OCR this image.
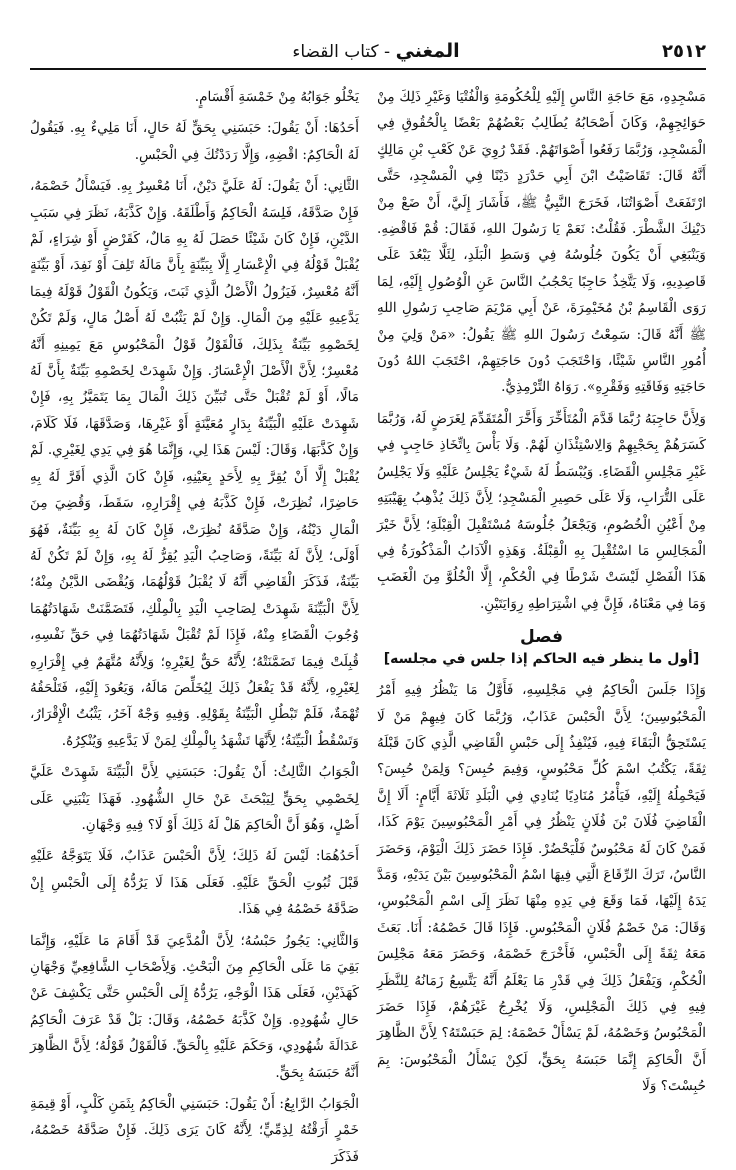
المغني - كتاب القضاء	٢٥١٢

مَسْجِدِهِ، مَعَ حَاجَةِ النَّاسِ إِلَيْهِ لِلْحُكُومَةِ وَالْفُتْيَا وَغَيْرِ ذَلِكَ مِنْ حَوَائِجِهِمْ، وَكَانَ أَصْحَابُهُ يُطَالِبُ بَعْضُهُمْ بَعْضًا بِالْحُقُوقِ فِي الْمَسْجِدِ، وَرُبَّمَا رَفَعُوا أَصْوَاتَهُمْ. فَقَدْ رُوِيَ عَنْ كَعْبِ بْنِ مَالِكٍ أَنَّهُ قَالَ: تَقَاضَيْتُ ابْنَ أَبِي حَدْرَدٍ دَيْنًا فِي الْمَسْجِدِ، حَتَّى ارْتَفَعَتْ أَصْوَاتُنَا، فَخَرَجَ النَّبِيُّ ﷺ، فَأَشَارَ إِلَيَّ، أَنْ ضَعْ مِنْ دَيْنِكَ الشَّطْرَ. فَقُلْتُ: نَعَمْ يَا رَسُولَ اللهِ، فَقَالَ: قُمْ فَاقْضِهِ. وَيَنْبَغِي أَنْ يَكُونَ جُلُوسُهُ فِي وَسَطِ الْبَلَدِ، لِئَلَّا يَبْعُدَ عَلَى قَاصِدِيهِ، وَلَا يَتَّخِذُ حَاجِبًا يَحْجُبُ النَّاسَ عَنِ الْوُصُولِ إِلَيْهِ، لِمَا رَوَى الْقَاسِمُ بْنُ مُخَيْمِرَةَ، عَنْ أَبِي مَرْيَمَ صَاحِبِ رَسُولِ اللهِ ﷺ أَنَّهُ قَالَ: سَمِعْتُ رَسُولَ اللهِ ﷺ يَقُولُ: «مَنْ وَلِيَ مِنْ أُمُورِ النَّاسِ شَيْئًا، وَاحْتَجَبَ دُونَ حَاجَتِهِمْ، احْتَجَبَ اللهُ دُونَ حَاجَتِهِ وَفَاقَتِهِ وَفَقْرِهِ». رَوَاهُ التِّرْمِذِيُّ.

وَلِأَنَّ حَاجِبَهُ رُبَّمَا قَدَّمَ الْمُتَأَخِّرَ وَأَخَّرَ الْمُتَقَدِّمَ لِغَرَضٍ لَهُ، وَرُبَّمَا كَسَرَهُمْ بِحَجْبِهِمْ وَالِاسْتِئْذَانِ لَهُمْ. وَلَا بَأْسَ بِاتِّخَاذِ حَاجِبٍ فِي غَيْرِ مَجْلِسِ الْقَضَاءِ. وَيُبْسَطُ لَهُ شَيْءٌ يَجْلِسُ عَلَيْهِ وَلَا يَجْلِسُ عَلَى التُّرَابِ، وَلَا عَلَى حَصِيرِ الْمَسْجِدِ؛ لِأَنَّ ذَلِكَ يُذْهِبُ بِهَيْبَتِهِ مِنْ أَعْيُنِ الْخُصُومِ، وَيَجْعَلُ جُلُوسَهُ مُسْتَقْبِلَ الْقِبْلَةِ؛ لِأَنَّ خَيْرَ الْمَجَالِسِ مَا اسْتُقْبِلَ بِهِ الْقِبْلَةُ. وَهَذِهِ الْآدَابُ الْمَذْكُورَةُ فِي هَذَا الْفَصْلِ لَيْسَتْ شَرْطًا فِي الْحُكْمِ، إِلَّا الْخُلُوَّ مِنَ الْغَضَبِ وَمَا فِي مَعْنَاهُ، فَإِنَّ فِي اشْتِرَاطِهِ رِوَايَتَيْنِ.

فصل
[أول ما ينظر فيه الحاكم إذا جلس في مجلسه]

وَإِذَا جَلَسَ الْحَاكِمُ فِي مَجْلِسِهِ، فَأَوَّلُ مَا يَنْظُرُ فِيهِ أَمْرُ الْمَحْبُوسِينَ؛ لِأَنَّ الْحَبْسَ عَذَابٌ، وَرُبَّمَا كَانَ فِيهِمْ مَنْ لَا يَسْتَحِقُّ الْبَقَاءَ فِيهِ، فَيُنْفِذُ إِلَى حَبْسِ الْقَاضِي الَّذِي كَانَ قَبْلَهُ ثِقَةً، يَكْتُبُ اسْمَ كُلِّ مَحْبُوسٍ، وَفِيمَ حُبِسَ؟ وَلِمَنْ حُبِسَ؟ فَيَحْمِلُهُ إِلَيْهِ، فَيَأْمُرُ مُنَادِيًا يُنَادِي فِي الْبَلَدِ ثَلَاثَةَ أَيَّامٍ: أَلَا إِنَّ الْقَاضِيَ فُلَانَ بْنَ فُلَانٍ يَنْظُرُ فِي أَمْرِ الْمَحْبُوسِينَ يَوْمَ كَذَا، فَمَنْ كَانَ لَهُ مَحْبُوسٌ فَلْيَحْضُرْ. فَإِذَا حَضَرَ ذَلِكَ الْيَوْمَ، وَحَضَرَ النَّاسُ، تَرَكَ الرِّقَاعَ الَّتِي فِيهَا اسْمُ الْمَحْبُوسِينَ بَيْنَ يَدَيْهِ، وَمَدَّ يَدَهُ إِلَيْهَا، فَمَا وَقَعَ فِي يَدِهِ مِنْهَا نَظَرَ إِلَى اسْمِ الْمَحْبُوسِ، وَقَالَ: مَنْ خَصْمُ فُلَانٍ الْمَحْبُوسِ. فَإِذَا قَالَ خَصْمُهُ: أَنَا. بَعَثَ مَعَهُ ثِقَةً إِلَى الْحَبْسِ، فَأَخْرَجَ خَصْمَهُ، وَحَضَرَ مَعَهُ مَجْلِسَ الْحُكْمِ، وَيَفْعَلُ ذَلِكَ فِي قَدْرِ مَا يَعْلَمُ أَنَّهُ يَتَّسِعُ زَمَانُهُ لِلنَّظَرِ فِيهِ فِي ذَلِكَ الْمَجْلِسِ، وَلَا يُخْرِجُ غَيْرَهُمْ، فَإِذَا حَضَرَ الْمَحْبُوسُ وَخَصْمُهُ، لَمْ يَسْأَلْ خَصْمَهُ: لِمَ حَبَسْتَهُ؟ لِأَنَّ الظَّاهِرَ أَنَّ الْحَاكِمَ إِنَّمَا حَبَسَهُ بِحَقٍّ، لَكِنْ يَسْأَلُ الْمَحْبُوسَ: بِمَ حُبِسْتَ؟ وَلَا

يَخْلُو جَوَابُهُ مِنْ خَمْسَةِ أَقْسَامٍ.

أَحَدُهَا: أَنْ يَقُولَ: حَبَسَنِي بِحَقٍّ لَهُ حَالٍ، أَنَا مَلِيءٌ بِهِ. فَيَقُولُ لَهُ الْحَاكِمُ: اقْضِهِ، وَإِلَّا رَدَدْتُكَ فِي الْحَبْسِ.

الثَّانِي: أَنْ يَقُولَ: لَهُ عَلَيَّ دَيْنٌ، أَنَا مُعْسِرٌ بِهِ. فَيَسْأَلُ خَصْمَهُ، فَإِنْ صَدَّقَهُ، فَلِسَهُ الْحَاكِمُ وَأَطْلَقَهُ. وَإِنْ كَذَّبَهُ، نَظَرَ فِي سَبَبِ الدَّيْنِ، فَإِنْ كَانَ شَيْئًا حَصَلَ لَهُ بِهِ مَالٌ، كَقَرْضٍ أَوْ شِرَاءٍ، لَمْ يُقْبَلْ قَوْلُهُ فِي الْإِعْسَارِ إِلَّا بِبَيِّنَةٍ بِأَنَّ مَالَهُ تَلِفَ أَوْ نَفِدَ، أَوْ بَيِّنَةٍ أَنَّهُ مُعْسِرٌ، فَيَزُولُ الْأَصْلُ الَّذِي ثَبَتَ، وَيَكُونُ الْقَوْلُ قَوْلَهُ فِيمَا يَدَّعِيهِ عَلَيْهِ مِنَ الْمَالِ. وَإِنْ لَمْ يَثْبُتْ لَهُ أَصْلُ مَالٍ، وَلَمْ تَكُنْ لِخَصْمِهِ بَيِّنَةٌ بِذَلِكَ، فَالْقَوْلُ قَوْلُ الْمَحْبُوسِ مَعَ يَمِينِهِ أَنَّهُ مُعْسِرٌ؛ لِأَنَّ الْأَصْلَ الْإِعْسَارُ. وَإِنْ شَهِدَتْ لِخَصْمِهِ بَيِّنَةٌ بِأَنَّ لَهُ مَالًا، أَوْ لَمْ تُقْبَلْ حَتَّى تُبَيِّنَ ذَلِكَ الْمَالَ بِمَا يَتَمَيَّزُ بِهِ، فَإِنْ شَهِدَتْ عَلَيْهِ الْبَيِّنَةُ بِدَارٍ مُعَيَّنَةٍ أَوْ غَيْرِهَا، وَصَدَّقَهَا، فَلَا كَلَامَ، وَإِنْ كَذَّبَهَا، وَقَالَ: لَيْسَ هَذَا لِي، وَإِنَّمَا هُوَ فِي يَدِي لِغَيْرِي. لَمْ يُقْبَلْ إِلَّا أَنْ يُقِرَّ بِهِ لِأَحَدٍ بِعَيْنِهِ، فَإِنْ كَانَ الَّذِي أَقَرَّ لَهُ بِهِ حَاضِرًا، نُظِرَتْ، فَإِنْ كَذَّبَهُ فِي إِقْرَارِهِ، سَقَطَ، وَقُضِيَ مِنَ الْمَالِ دَيْنُهُ، وَإِنْ صَدَّقَهُ نُظِرَتْ، فَإِنْ كَانَ لَهُ بِهِ بَيِّنَةٌ، فَهُوَ أَوْلَى؛ لِأَنَّ لَهُ بَيِّنَةً، وَصَاحِبُ الْيَدِ يُقِرُّ لَهُ بِهِ، وَإِنْ لَمْ تَكُنْ لَهُ بَيِّنَةٌ، فَذَكَرَ الْقَاضِي أَنَّهُ لَا يُقْبَلُ قَوْلُهُمَا، وَيُقْضَى الدَّيْنُ مِنْهُ؛ لِأَنَّ الْبَيِّنَةَ شَهِدَتْ لِصَاحِبِ الْيَدِ بِالْمِلْكِ، فَتَضَمَّنَتْ شَهَادَتُهُمَا وُجُوبَ الْقَضَاءِ مِنْهُ، فَإِذَا لَمْ تُقْبَلْ شَهَادَتُهُمَا فِي حَقِّ نَفْسِهِ، قُبِلَتْ فِيمَا تَضَمَّنَتْهُ؛ لِأَنَّهُ حَقٌّ لِغَيْرِهِ؛ وَلِأَنَّهُ مُتَّهَمٌ فِي إِقْرَارِهِ لِغَيْرِهِ، لِأَنَّهُ قَدْ يَفْعَلُ ذَلِكَ لِيُخَلِّصَ مَالَهُ، وَيَعُودَ إِلَيْهِ، فَتَلْحَقُهُ تُهْمَةٌ، فَلَمْ تَبْطُلِ الْبَيِّنَةُ بِقَوْلِهِ. وَفِيهِ وَجْهٌ آخَرُ، يَثْبُتُ الْإِقْرَارُ، وَتَسْقُطُ الْبَيِّنَةُ؛ لِأَنَّهَا تَشْهَدُ بِالْمِلْكِ لِمَنْ لَا يَدَّعِيهِ وَيُنْكِرُهُ.

الْجَوَابُ الثَّالِثُ: أَنْ يَقُولَ: حَبَسَنِي لِأَنَّ الْبَيِّنَةَ شَهِدَتْ عَلَيَّ لِخَصْمِي بِحَقٍّ لِيَبْحَثَ عَنْ حَالِ الشُّهُودِ. فَهَذَا يَنْبَنِي عَلَى أَصْلٍ، وَهُوَ أَنَّ الْحَاكِمَ هَلْ لَهُ ذَلِكَ أَوْ لَا؟ فِيهِ وَجْهَانِ.

أَحَدُهُمَا: لَيْسَ لَهُ ذَلِكَ؛ لِأَنَّ الْحَبْسَ عَذَابٌ، فَلَا يَتَوَجَّهُ عَلَيْهِ قَبْلَ ثُبُوتِ الْحَقِّ عَلَيْهِ. فَعَلَى هَذَا لَا يَرُدُّهُ إِلَى الْحَبْسِ إِنْ صَدَّقَهُ خَصْمُهُ فِي هَذَا.

وَالثَّانِي: يَجُوزُ حَبْسُهُ؛ لِأَنَّ الْمُدَّعِيَ قَدْ أَقَامَ مَا عَلَيْهِ، وَإِنَّمَا بَقِيَ مَا عَلَى الْحَاكِمِ مِنَ الْبَحْثِ. وَلِأَصْحَابِ الشَّافِعِيِّ وَجْهَانِ كَهَذَيْنِ، فَعَلَى هَذَا الْوَجْهِ، يَرُدُّهُ إِلَى الْحَبْسِ حَتَّى يَكْشِفَ عَنْ حَالِ شُهُودِهِ. وَإِنْ كَذَّبَهُ خَصْمُهُ، وَقَالَ: بَلْ قَدْ عَرَفَ الْحَاكِمُ عَدَالَةَ شُهُودِي، وَحَكَمَ عَلَيْهِ بِالْحَقِّ. فَالْقَوْلُ قَوْلُهُ؛ لِأَنَّ الظَّاهِرَ أَنَّهُ حَبَسَهُ بِحَقٍّ.

الْجَوَابُ الرَّابِعُ: أَنْ يَقُولَ: حَبَسَنِي الْحَاكِمُ بِثَمَنِ كَلْبٍ، أَوْ قِيمَةِ خَمْرٍ أَرَقْتُهُ لِذِمِّيٍّ؛ لِأَنَّهُ كَانَ يَرَى ذَلِكَ. فَإِنْ صَدَّقَهُ خَصْمُهُ، فَذَكَرَ
